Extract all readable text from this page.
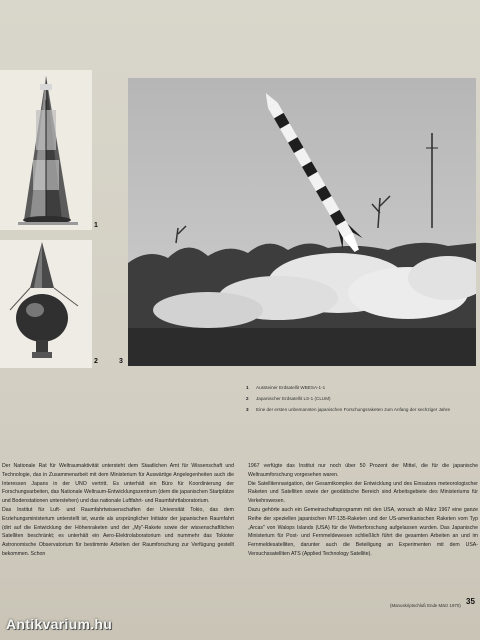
1
2	3
1 Aussteiner Erdsatellit WBESA-1-1
2 Japanischer Erdsatellit LS-1 (CLUM)
3 Eine der ersten unbemannten japanischen Forschungsraketen zum Anfang der sechziger Jahre

Der Nationale Rat für Weltraumaktivität untersteht dem Staatlichen Amt für Wissenschaft und Technologie, das in Zusammenarbeit mit dem Ministerium für Auswärtige Angelegenheiten auch die Interessen Japans in der UNO vertritt. Es unterhält ein Büro für Koordinierung der Forschungsarbeiten, das Nationale Weltraum-Entwicklungszentrum (dem die japanischen Startplätze und Bodenstationen unterstehen) und das nationale Luftfahrt- und Raumfahrtlaboratorium.

Das Institut für Luft- und Raumfahrtwissenschaften der Universität Tokio, das dem Erziehungsministerium unterstellt ist, wurde als ursprünglicher Initiator der japanischen Raumfahrt (dirt auf die Entwicklung der Höhenraketen und der „My"-Rakete sowie der wissenschaftlichen Satelliten beschränkt; es unterhält ein Aero-Elektrolaboratorium und nummehr das Tokioter Astronomische Observatorium für bestimmte Arbeiten der Raumforschung zur Verfügung gestellt bekommen. Schon

1967 verfügte das Institut nur noch über 50 Prozent der Mittel, die für die japanische Weltraumforschung vorgesehen waren.

Die Satellitennavigation, der Gesamtkomplex der Entwicklung und des Einsatzes meteorologischer Raketen und Satelliten sowie der geodätische Bereich sind Arbeitsgebiete des Ministeriums für Verkehrswesen.

Dazu gehörte auch ein Gemeinschaftsprogramm mit den USA, wonach ab März 1967 eine ganze Reihe der speziellen japanischen MT-135-Raketen und der US-amerikanischen Raketen vom Typ „Arcas" von Walops Islands (USA) für die Wetterforschung aufgelassen wurden. Das Japanische Ministerium für Post- und Fernmeldewesen schließlich führt die gesamten Arbeiten an und im Fernmeldesatelliten, darunter auch die Beteiligung an Experimenten mit dem USA-Versuchssatelliten ATS (Applied Technology Satellite).

(Manuskriptschluß Ende März 1970) 35
Antikvarium.hu
